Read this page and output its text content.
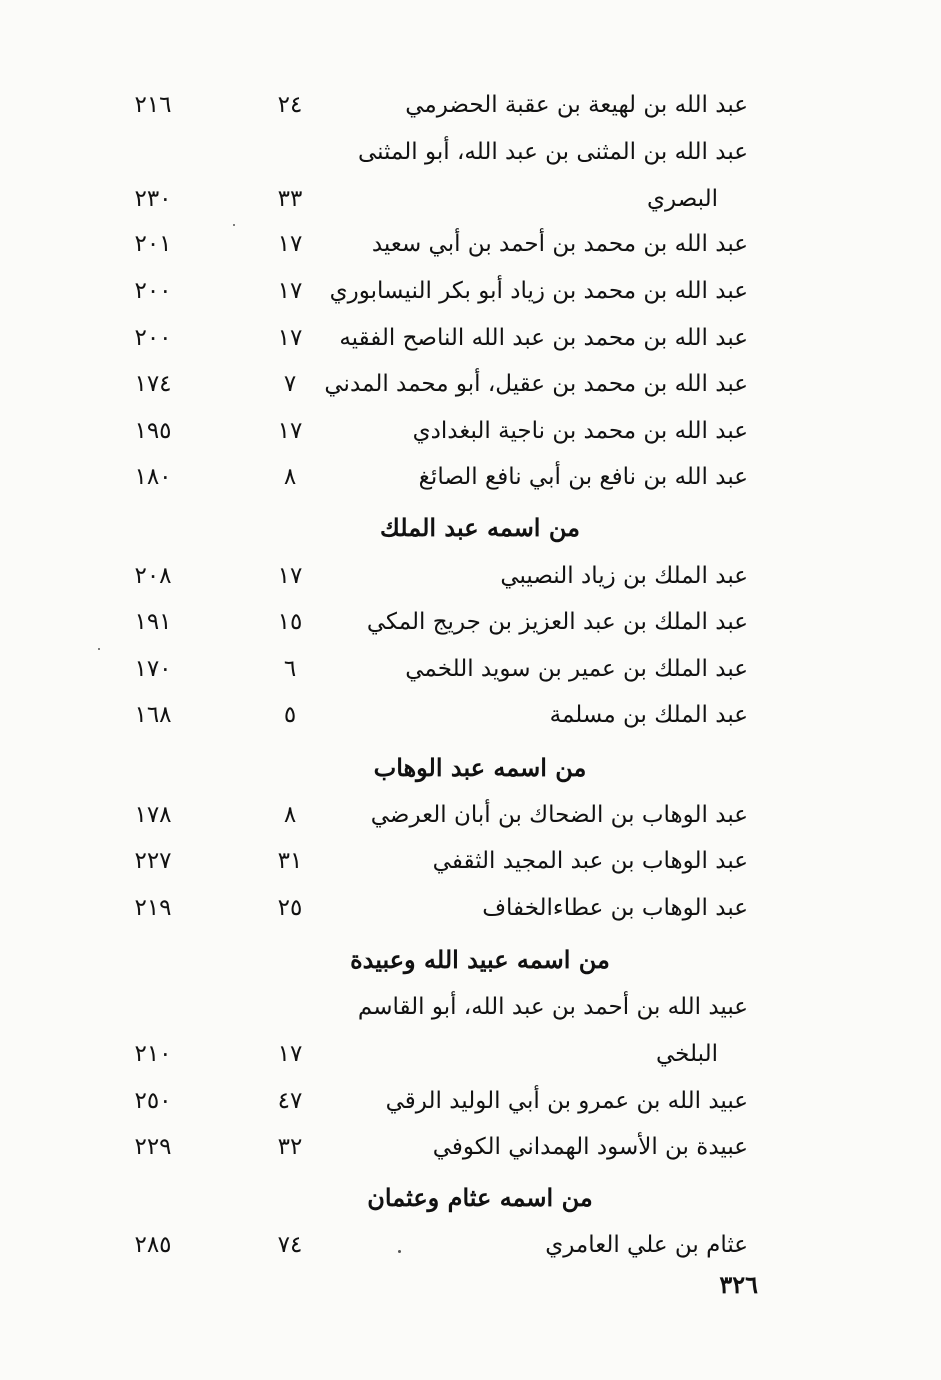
عبد الله بن لهيعة بن عقبة الحضرمي
٢٤
٢١٦
عبد الله بن المثنى بن عبد الله، أبو المثنى
البصري
٣٣
٢٣٠
عبد الله بن محمد بن أحمد بن أبي سعيد
١٧
٢٠١
عبد الله بن محمد بن زياد أبو بكر النيسابوري
١٧
٢٠٠
عبد الله بن محمد بن عبد الله الناصح الفقيه
١٧
٢٠٠
عبد الله بن محمد بن عقيل، أبو محمد المدني
٧
١٧٤
عبد الله بن محمد بن ناجية البغدادي
١٧
١٩٥
عبد الله بن نافع بن أبي نافع الصائغ
٨
١٨٠
من اسمه عبد الملك
عبد الملك بن زياد النصيبي
١٧
٢٠٨
عبد الملك بن عبد العزيز بن جريج المكي
١٥
١٩١
عبد الملك بن عمير بن سويد اللخمي
٦
١٧٠
عبد الملك بن مسلمة
٥
١٦٨
من اسمه عبد الوهاب
عبد الوهاب بن الضحاك بن أبان العرضي
٨
١٧٨
عبد الوهاب بن عبد المجيد الثقفي
٣١
٢٢٧
عبد الوهاب بن عطاءالخفاف
٢٥
٢١٩
من اسمه عبيد الله وعبيدة
عبيد الله بن أحمد بن عبد الله، أبو القاسم
البلخي
١٧
٢١٠
عبيد الله بن عمرو بن أبي الوليد الرقي
٤٧
٢٥٠
عبيدة بن الأسود الهمداني الكوفي
٣٢
٢٢٩
من اسمه عثام وعثمان
عثام بن علي العامري
٧٤
٢٨٥
٣٢٦
